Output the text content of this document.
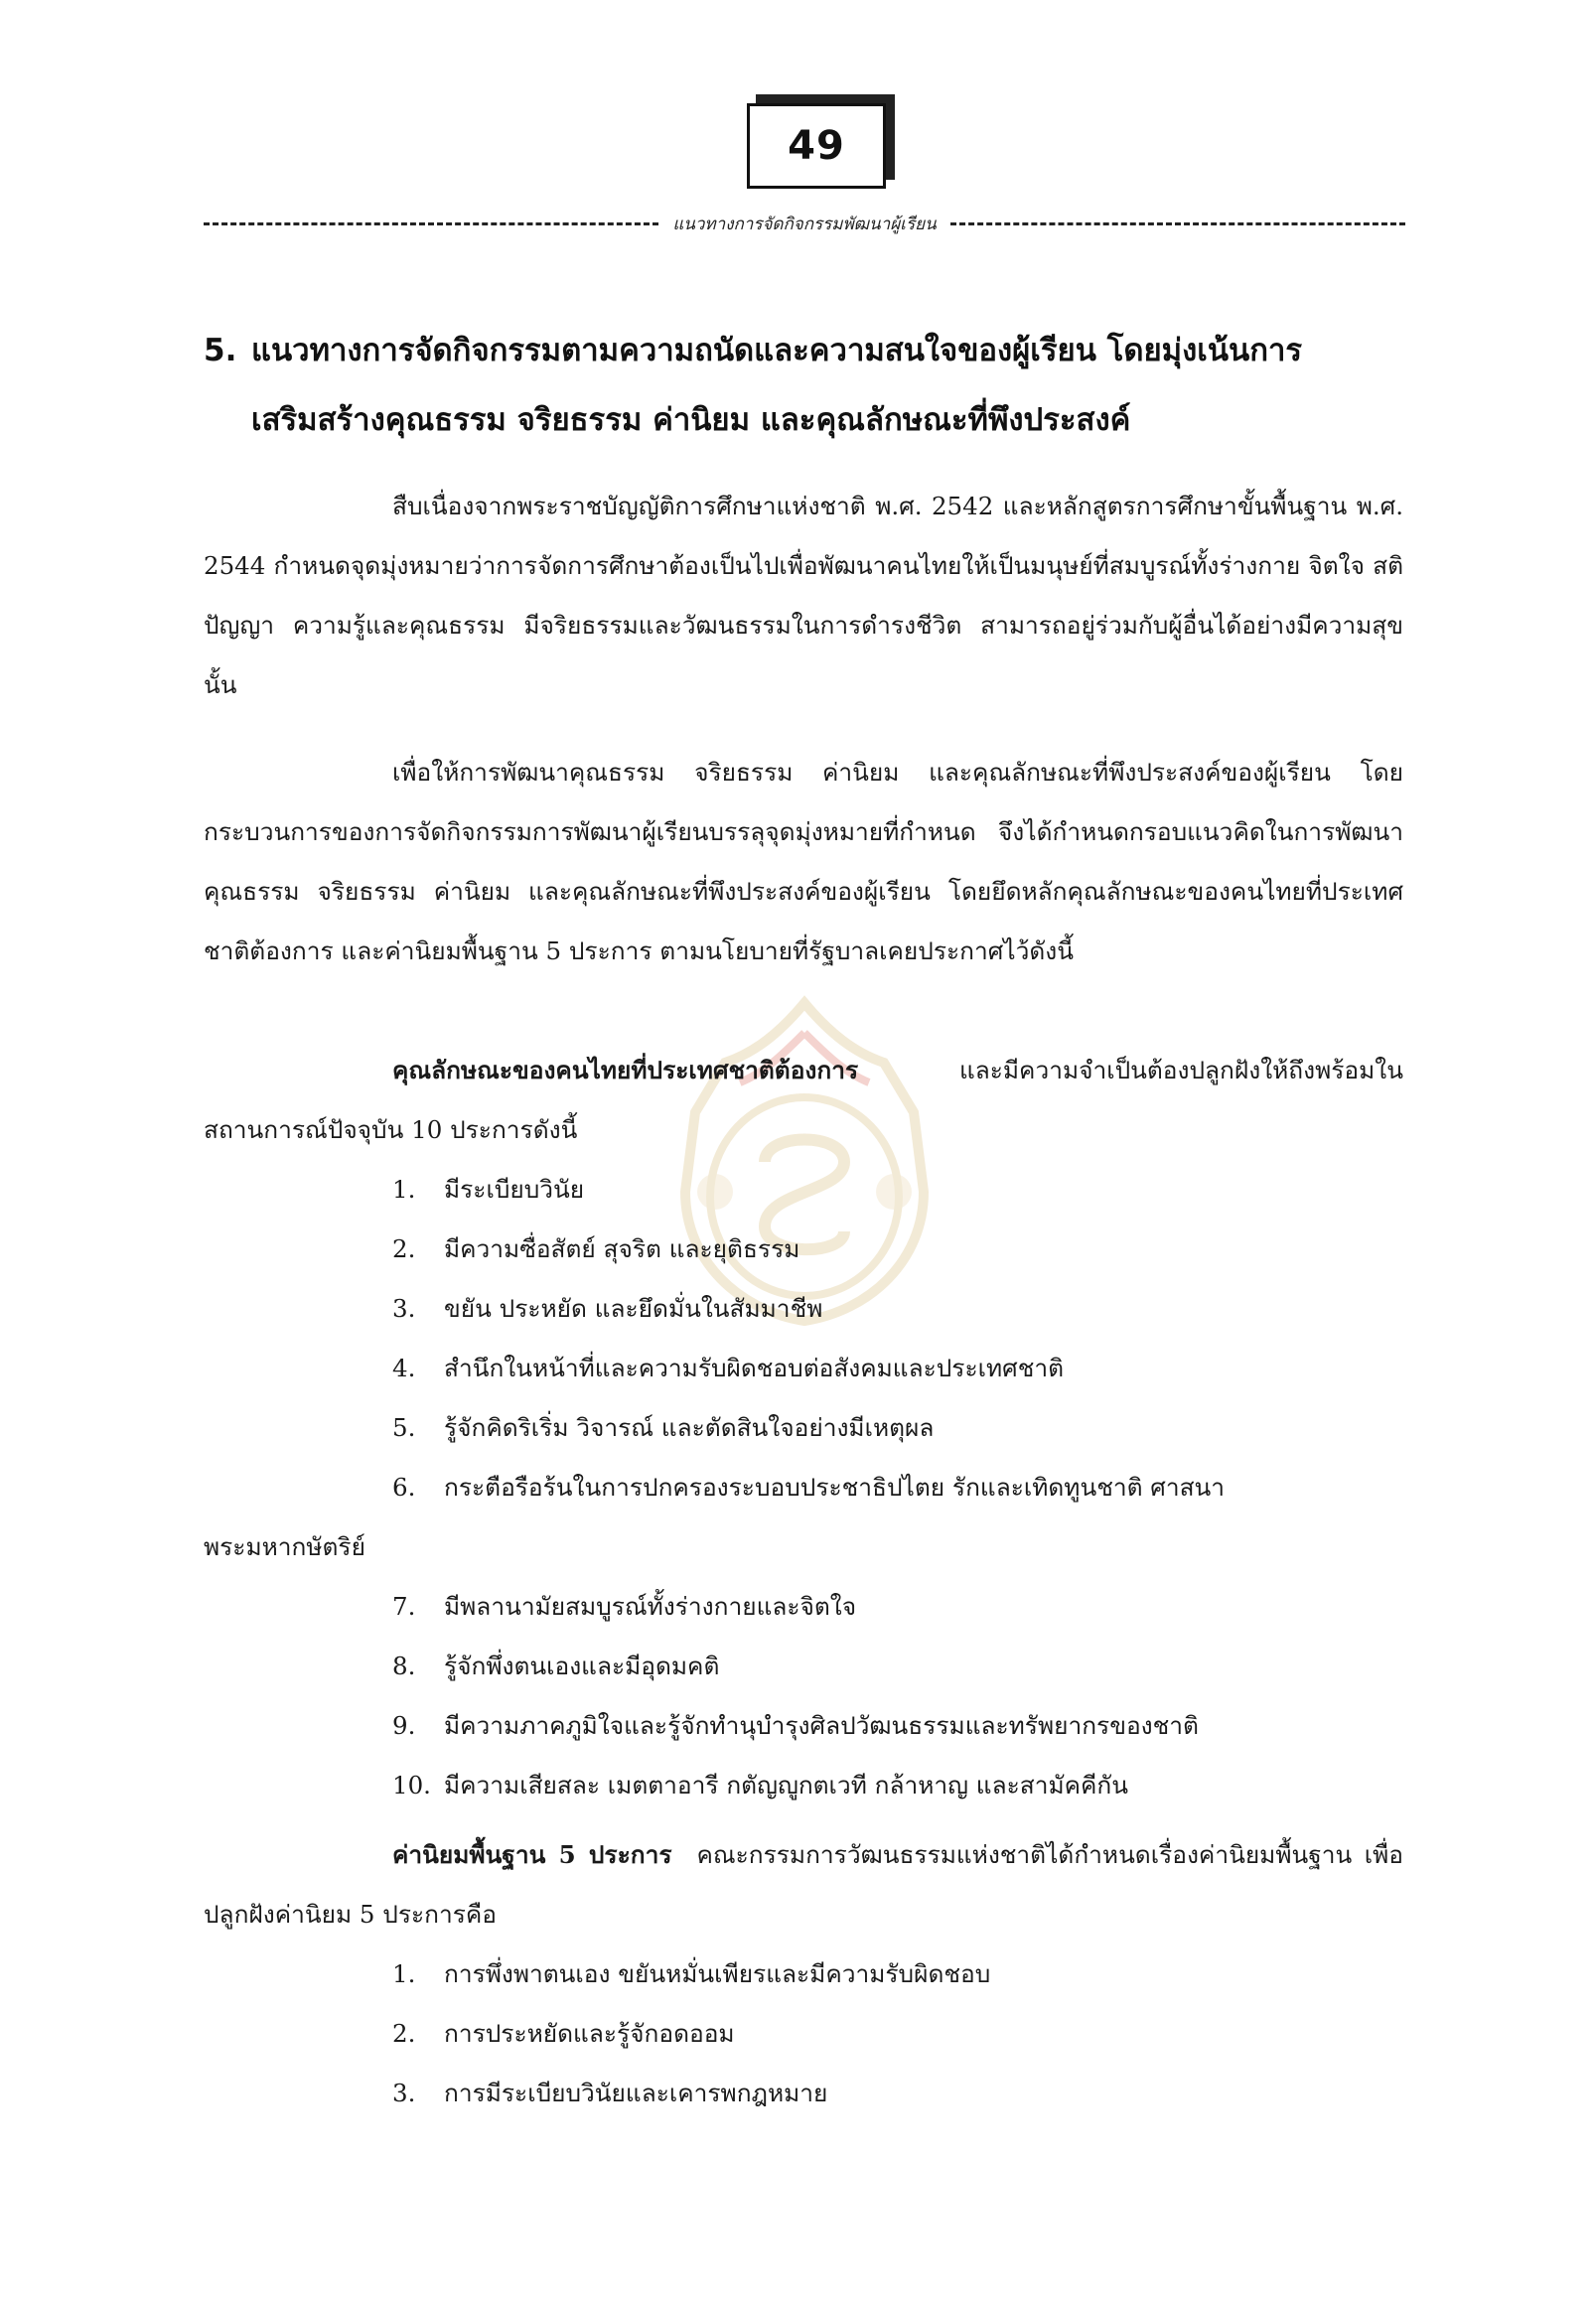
49
แนวทางการจัดกิจกรรมพัฒนาผู้เรียน
5. แนวทางการจัดกิจกรรมตามความถนัดและความสนใจของผู้เรียน โดยมุ่งเน้นการ
เสริมสร้างคุณธรรม จริยธรรม ค่านิยม และคุณลักษณะที่พึงประสงค์
สืบเนื่องจากพระราชบัญญัติการศึกษาแห่งชาติ พ.ศ. 2542 และหลักสูตรการศึกษาขั้นพื้นฐาน พ.ศ. 2544 กำหนดจุดมุ่งหมายว่าการจัดการศึกษาต้องเป็นไปเพื่อพัฒนาคนไทยให้เป็นมนุษย์ที่สมบูรณ์ทั้งร่างกาย จิตใจ สติปัญญา ความรู้และคุณธรรม มีจริยธรรมและวัฒนธรรมในการดำรงชีวิต สามารถอยู่ร่วมกับผู้อื่นได้อย่างมีความสุขนั้น
เพื่อให้การพัฒนาคุณธรรม จริยธรรม ค่านิยม และคุณลักษณะที่พึงประสงค์ของผู้เรียน โดยกระบวนการของการจัดกิจกรรมการพัฒนาผู้เรียนบรรลุจุดมุ่งหมายที่กำหนด จึงได้กำหนดกรอบแนวคิดในการพัฒนาคุณธรรม จริยธรรม ค่านิยม และคุณลักษณะที่พึงประสงค์ของผู้เรียน โดยยึดหลักคุณลักษณะของคนไทยที่ประเทศชาติต้องการ และค่านิยมพื้นฐาน 5 ประการ ตามนโยบายที่รัฐบาลเคยประกาศไว้ดังนี้
คุณลักษณะของคนไทยที่ประเทศชาติต้องการ	และมีความจำเป็นต้องปลูกฝังให้ถึงพร้อมในสถานการณ์ปัจจุบัน 10 ประการดังนี้
1. มีระเบียบวินัย
2. มีความซื่อสัตย์ สุจริต และยุติธรรม
3. ขยัน ประหยัด และยึดมั่นในสัมมาชีพ
4. สำนึกในหน้าที่และความรับผิดชอบต่อสังคมและประเทศชาติ
5. รู้จักคิดริเริ่ม วิจารณ์ และตัดสินใจอย่างมีเหตุผล
6. กระตือรือร้นในการปกครองระบอบประชาธิปไตย รักและเทิดทูนชาติ ศาสนา
พระมหากษัตริย์
7. มีพลานามัยสมบูรณ์ทั้งร่างกายและจิตใจ
8. รู้จักพึ่งตนเองและมีอุดมคติ
9. มีความภาคภูมิใจและรู้จักทำนุบำรุงศิลปวัฒนธรรมและทรัพยากรของชาติ
10. มีความเสียสละ เมตตาอารี กตัญญูกตเวที กล้าหาญ และสามัคคีกัน
ค่านิยมพื้นฐาน 5 ประการ คณะกรรมการวัฒนธรรมแห่งชาติได้กำหนดเรื่องค่านิยมพื้นฐาน เพื่อปลูกฝังค่านิยม 5 ประการคือ
1. การพึ่งพาตนเอง ขยันหมั่นเพียรและมีความรับผิดชอบ
2. การประหยัดและรู้จักอดออม
3. การมีระเบียบวินัยและเคารพกฎหมาย
